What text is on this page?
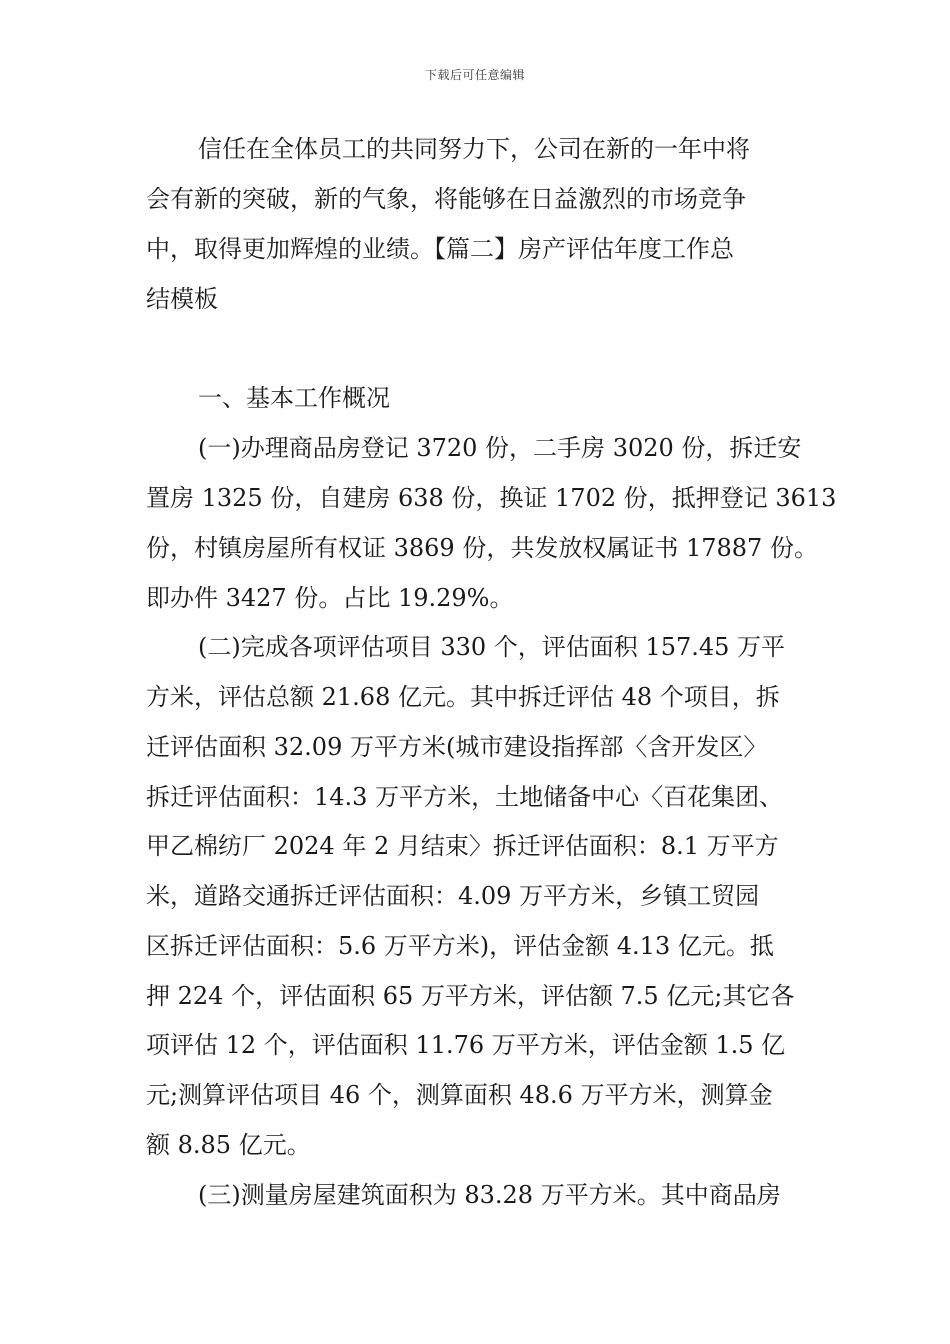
下载后可任意编辑
信任在全体员工的共同努力下，公司在新的一年中将
会有新的突破，新的气象，将能够在日益激烈的市场竞争
中，取得更加辉煌的业绩。【篇二】房产评估年度工作总
结模板
一、基本工作概况
(一)办理商品房登记 3720 份，二手房 3020 份，拆迁安
置房 1325 份，自建房 638 份，换证 1702 份，抵押登记 3613
份，村镇房屋所有权证 3869 份，共发放权属证书 17887 份。
即办件 3427 份。占比 19.29%。
(二)完成各项评估项目 330 个，评估面积 157.45 万平
方米，评估总额 21.68 亿元。其中拆迁评估 48 个项目，拆
迁评估面积 32.09 万平方米(城市建设指挥部〈含开发区〉
拆迁评估面积：14.3 万平方米，土地储备中心〈百花集团、
甲乙棉纺厂 2024 年 2 月结束〉拆迁评估面积：8.1 万平方
米，道路交通拆迁评估面积：4.09 万平方米，乡镇工贸园
区拆迁评估面积：5.6 万平方米)，评估金额 4.13 亿元。抵
押 224 个，评估面积 65 万平方米，评估额 7.5 亿元;其它各
项评估 12 个，评估面积 11.76 万平方米，评估金额 1.5 亿
元;测算评估项目 46 个，测算面积 48.6 万平方米，测算金
额 8.85 亿元。
(三)测量房屋建筑面积为 83.28 万平方米。其中商品房
